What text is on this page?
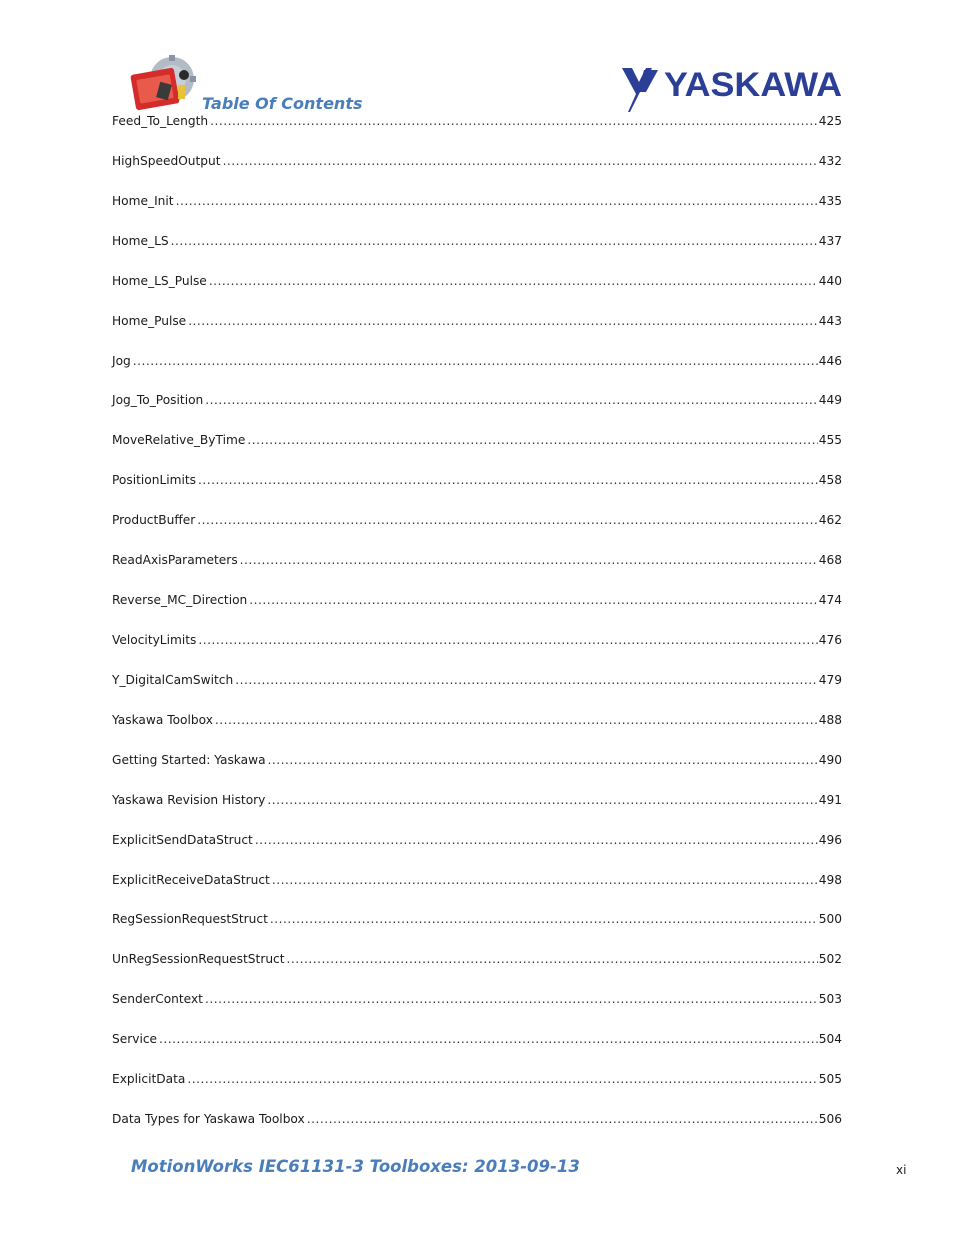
Table Of Contents	YASKAWA
Feed_To_Length .....	425
HighSpeedOutput .....	432
Home_Init .....	435
Home_LS .....	437
Home_LS_Pulse .....	440
Home_Pulse .....	443
Jog .....	446
Jog_To_Position .....	449
MoveRelative_ByTime .....	455
PositionLimits .....	458
ProductBuffer .....	462
ReadAxisParameters .....	468
Reverse_MC_Direction .....	474
VelocityLimits .....	476
Y_DigitalCamSwitch .....	479
Yaskawa Toolbox .....	488
Getting Started: Yaskawa .....	490
Yaskawa Revision History .....	491
ExplicitSendDataStruct .....	496
ExplicitReceiveDataStruct .....	498
RegSessionRequestStruct .....	500
UnRegSessionRequestStruct .....	502
SenderContext .....	503
Service .....	504
ExplicitData .....	505
Data Types for Yaskawa Toolbox .....	506
MotionWorks IEC61131-3 Toolboxes: 2013-09-13	xi
